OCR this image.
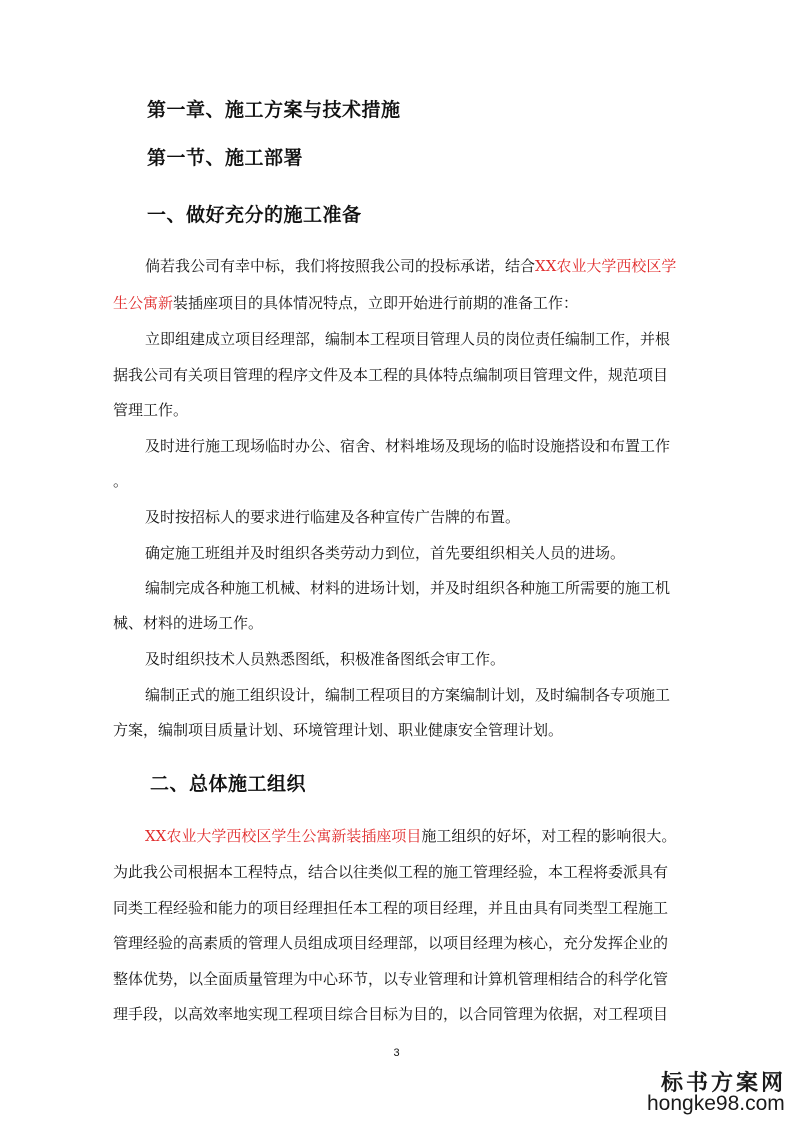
第一章、施工方案与技术措施
第一节、施工部署
一、做好充分的施工准备
倘若我公司有幸中标，我们将按照我公司的投标承诺，结合XX农业大学西校区学
生公寓新装插座项目的具体情况特点，立即开始进行前期的准备工作：
立即组建成立项目经理部，编制本工程项目管理人员的岗位责任编制工作，并根
据我公司有关项目管理的程序文件及本工程的具体特点编制项目管理文件，规范项目
管理工作。
及时进行施工现场临时办公、宿舍、材料堆场及现场的临时设施搭设和布置工作
。
及时按招标人的要求进行临建及各种宣传广告牌的布置。
确定施工班组并及时组织各类劳动力到位，首先要组织相关人员的进场。
编制完成各种施工机械、材料的进场计划，并及时组织各种施工所需要的施工机
械、材料的进场工作。
及时组织技术人员熟悉图纸，积极准备图纸会审工作。
编制正式的施工组织设计，编制工程项目的方案编制计划，及时编制各专项施工
方案，编制项目质量计划、环境管理计划、职业健康安全管理计划。
二、总体施工组织
XX农业大学西校区学生公寓新装插座项目施工组织的好坏，对工程的影响很大。
为此我公司根据本工程特点，结合以往类似工程的施工管理经验，本工程将委派具有
同类工程经验和能力的项目经理担任本工程的项目经理，并且由具有同类型工程施工
管理经验的高素质的管理人员组成项目经理部，以项目经理为核心，充分发挥企业的
整体优势，以全面质量管理为中心环节，以专业管理和计算机管理相结合的科学化管
理手段，以高效率地实现工程项目综合目标为目的，以合同管理为依据，对工程项目
3
标书方案网
hongke98.com
